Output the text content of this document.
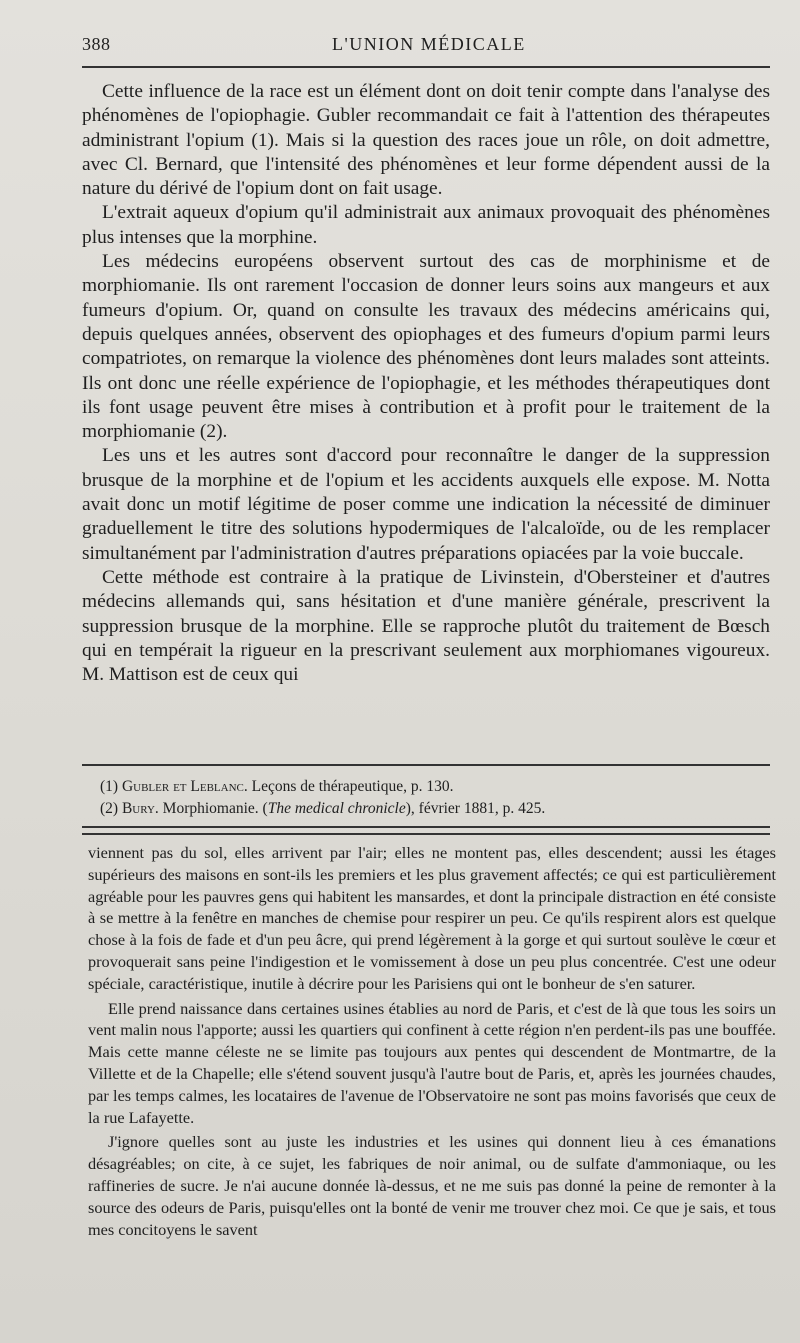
388	L'UNION MÉDICALE

Cette influence de la race est un élément dont on doit tenir compte dans l'analyse des phénomènes de l'opiophagie. Gubler recommandait ce fait à l'attention des thérapeutes administrant l'opium (1). Mais si la question des races joue un rôle, on doit admettre, avec Cl. Bernard, que l'intensité des phénomènes et leur forme dépendent aussi de la nature du dérivé de l'opium dont on fait usage.

L'extrait aqueux d'opium qu'il administrait aux animaux provoquait des phénomènes plus intenses que la morphine.

Les médecins européens observent surtout des cas de morphinisme et de morphiomanie. Ils ont rarement l'occasion de donner leurs soins aux mangeurs et aux fumeurs d'opium. Or, quand on consulte les travaux des médecins américains qui, depuis quelques années, observent des opiophages et des fumeurs d'opium parmi leurs compatriotes, on remarque la violence des phénomènes dont leurs malades sont atteints. Ils ont donc une réelle expérience de l'opiophagie, et les méthodes thérapeutiques dont ils font usage peuvent être mises à contribution et à profit pour le traitement de la morphiomanie (2).

Les uns et les autres sont d'accord pour reconnaître le danger de la suppression brusque de la morphine et de l'opium et les accidents auxquels elle expose. M. Notta avait donc un motif légitime de poser comme une indication la nécessité de diminuer graduellement le titre des solutions hypodermiques de l'alcaloïde, ou de les remplacer simultanément par l'administration d'autres préparations opiacées par la voie buccale.

Cette méthode est contraire à la pratique de Livinstein, d'Obersteiner et d'autres médecins allemands qui, sans hésitation et d'une manière générale, prescrivent la suppression brusque de la morphine. Elle se rapproche plutôt du traitement de Bœsch qui en tempérait la rigueur en la prescrivant seulement aux morphiomanes vigoureux. M. Mattison est de ceux qui

(1) Gubler et Leblanc. Leçons de thérapeutique, p. 130.

(2) Bury. Morphiomanie. (The medical chronicle), février 1881, p. 425.

viennent pas du sol, elles arrivent par l'air; elles ne montent pas, elles descendent; aussi les étages supérieurs des maisons en sont-ils les premiers et les plus gravement affectés; ce qui est particulièrement agréable pour les pauvres gens qui habitent les mansardes, et dont la principale distraction en été consiste à se mettre à la fenêtre en manches de chemise pour respirer un peu. Ce qu'ils respirent alors est quelque chose à la fois de fade et d'un peu âcre, qui prend légèrement à la gorge et qui surtout soulève le cœur et provoquerait sans peine l'indigestion et le vomissement à dose un peu plus concentrée. C'est une odeur spéciale, caractéristique, inutile à décrire pour les Parisiens qui ont le bonheur de s'en saturer.

Elle prend naissance dans certaines usines établies au nord de Paris, et c'est de là que tous les soirs un vent malin nous l'apporte; aussi les quartiers qui confinent à cette région n'en perdent-ils pas une bouffée. Mais cette manne céleste ne se limite pas toujours aux pentes qui descendent de Montmartre, de la Villette et de la Chapelle; elle s'étend souvent jusqu'à l'autre bout de Paris, et, après les journées chaudes, par les temps calmes, les locataires de l'avenue de l'Observatoire ne sont pas moins favorisés que ceux de la rue Lafayette.

J'ignore quelles sont au juste les industries et les usines qui donnent lieu à ces émanations désagréables; on cite, à ce sujet, les fabriques de noir animal, ou de sulfate d'ammoniaque, ou les raffineries de sucre. Je n'ai aucune donnée là-dessus, et ne me suis pas donné la peine de remonter à la source des odeurs de Paris, puisqu'elles ont la bonté de venir me trouver chez moi. Ce que je sais, et tous mes concitoyens le savent
